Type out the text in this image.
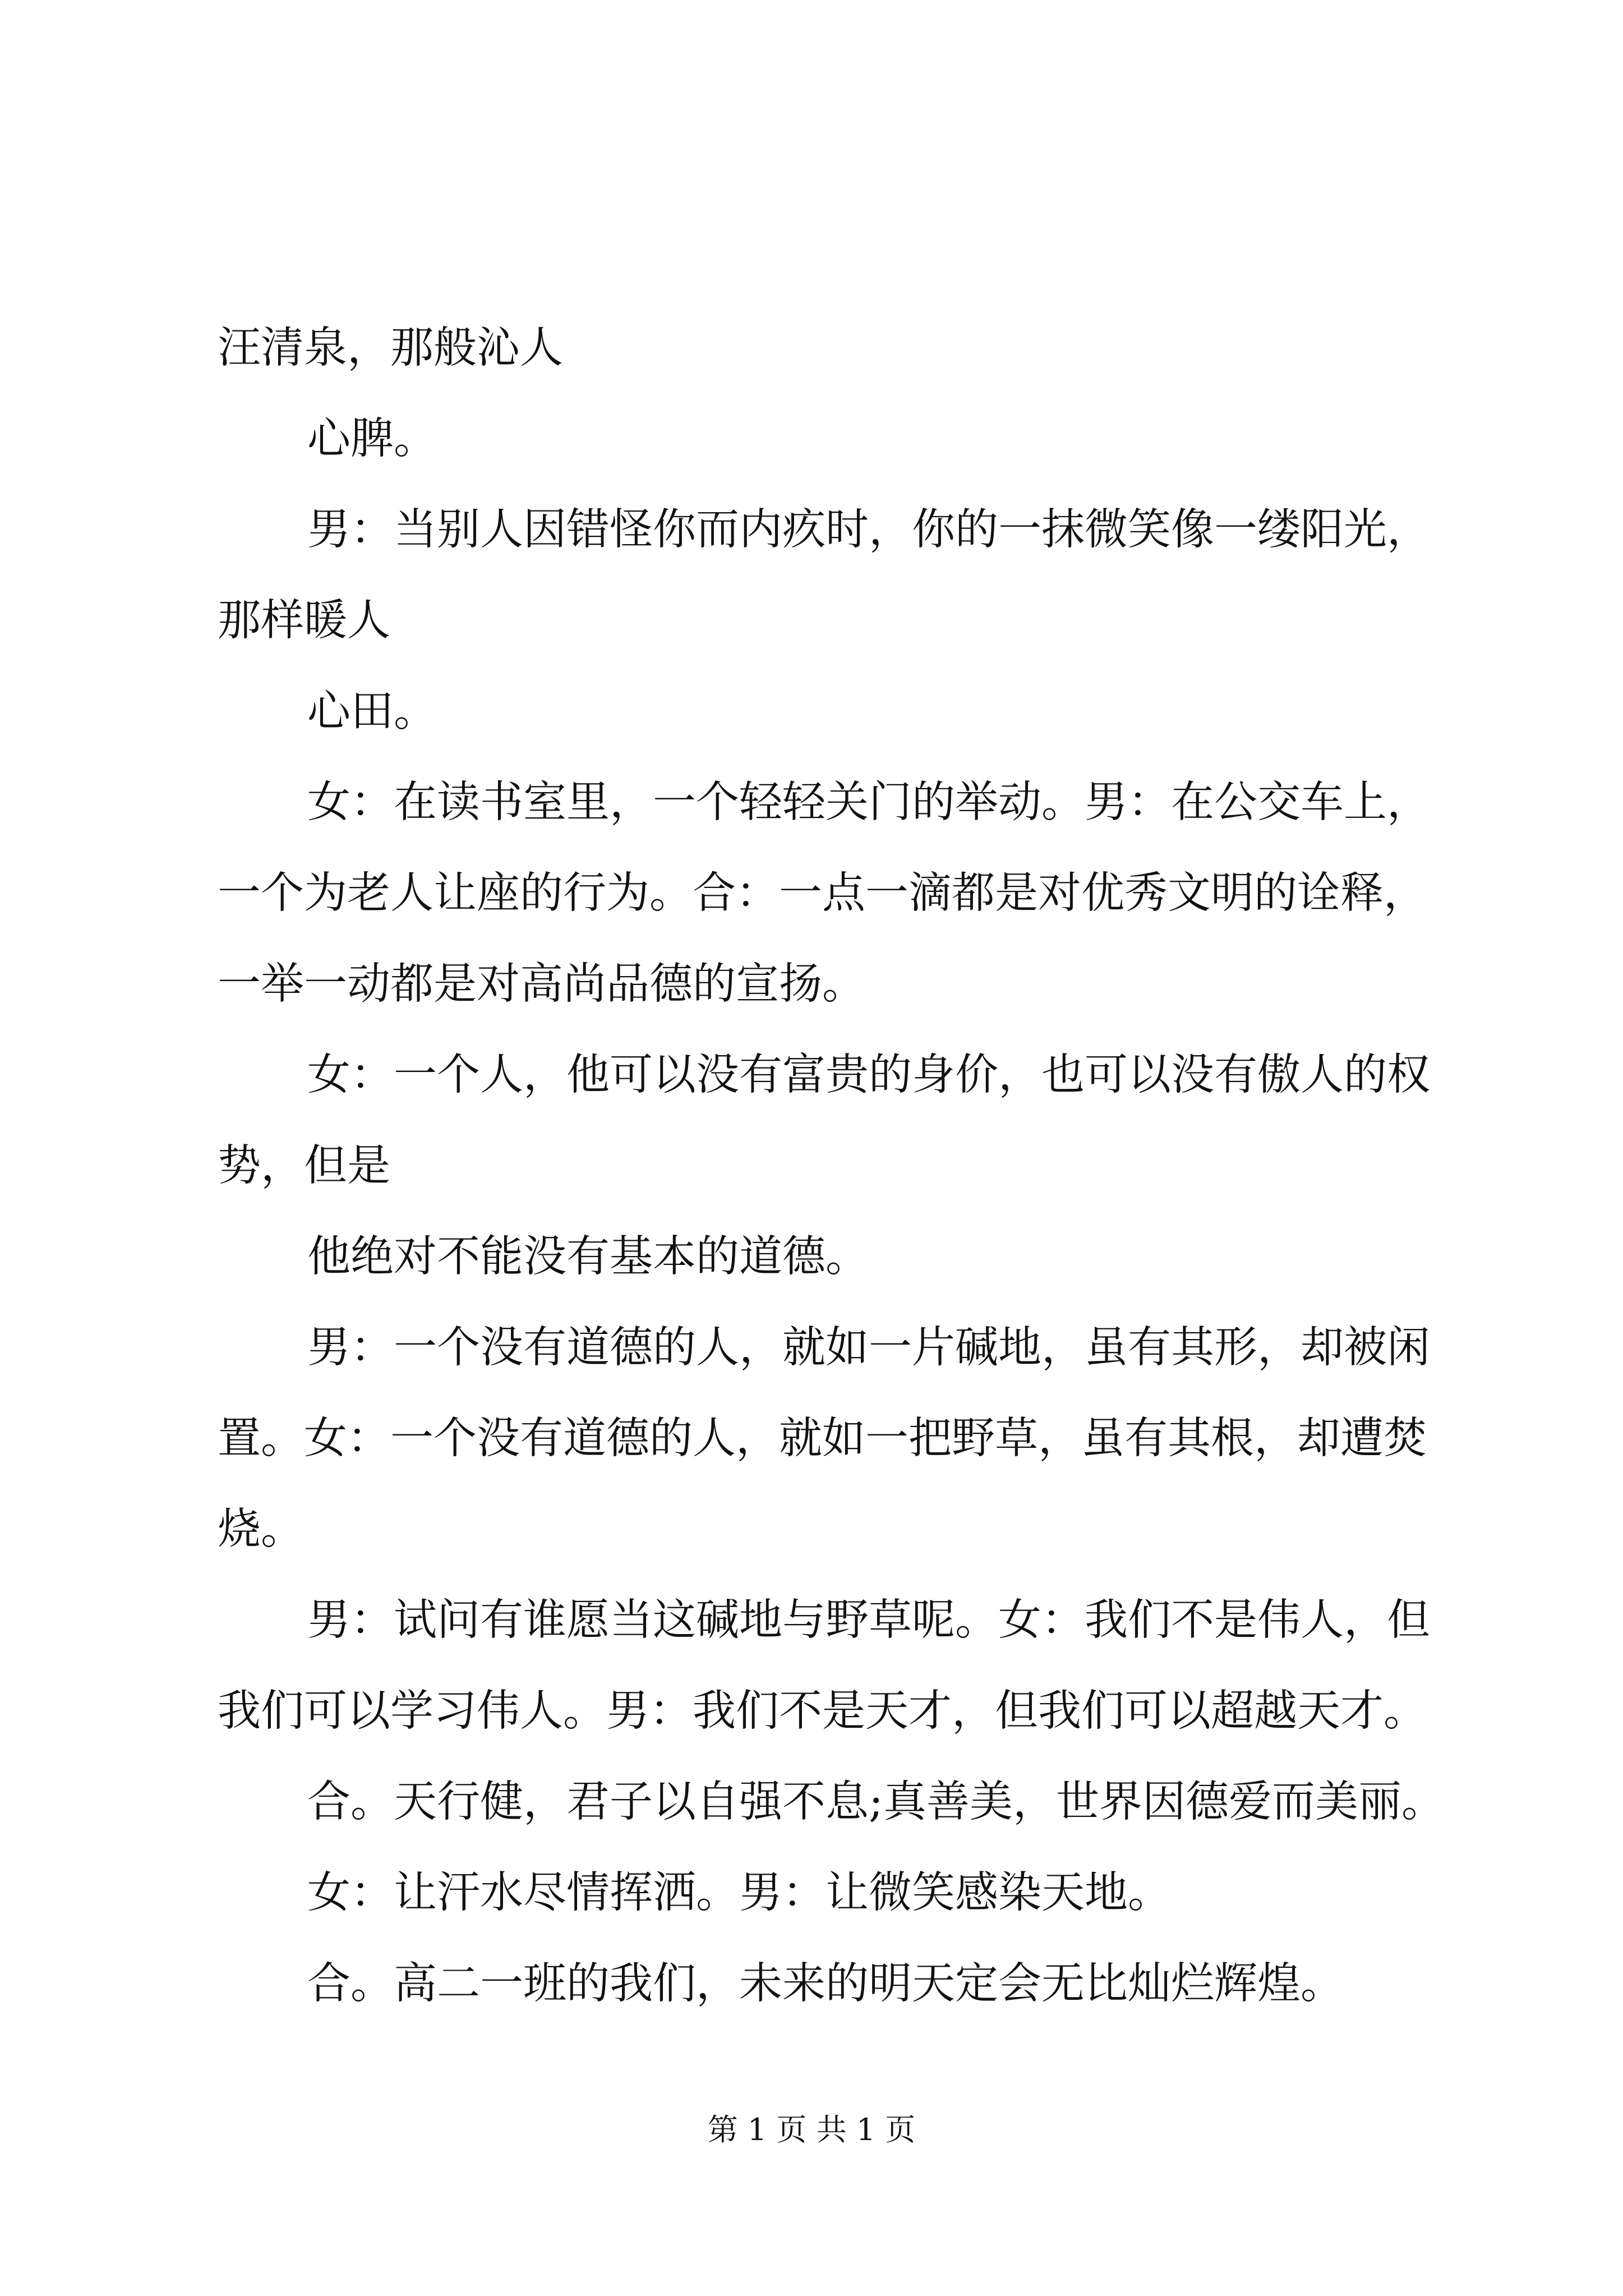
汪清泉，那般沁人
心脾。
男：当别人因错怪你而内疚时，你的一抹微笑像一缕阳光，
那样暖人
心田。
女：在读书室里，一个轻轻关门的举动。男：在公交车上，
一个为老人让座的行为。合：一点一滴都是对优秀文明的诠释，
一举一动都是对高尚品德的宣扬。
女：一个人，他可以没有富贵的身价，也可以没有傲人的权
势，但是
他绝对不能没有基本的道德。
男：一个没有道德的人，就如一片碱地，虽有其形，却被闲
置。女：一个没有道德的人，就如一把野草，虽有其根，却遭焚
烧。
男：试问有谁愿当这碱地与野草呢。女：我们不是伟人，但
我们可以学习伟人。男：我们不是天才，但我们可以超越天才。
合。天行健，君子以自强不息;真善美，世界因德爱而美丽。
女：让汗水尽情挥洒。男：让微笑感染天地。
合。高二一班的我们，未来的明天定会无比灿烂辉煌。
第 1 页 共 1 页
